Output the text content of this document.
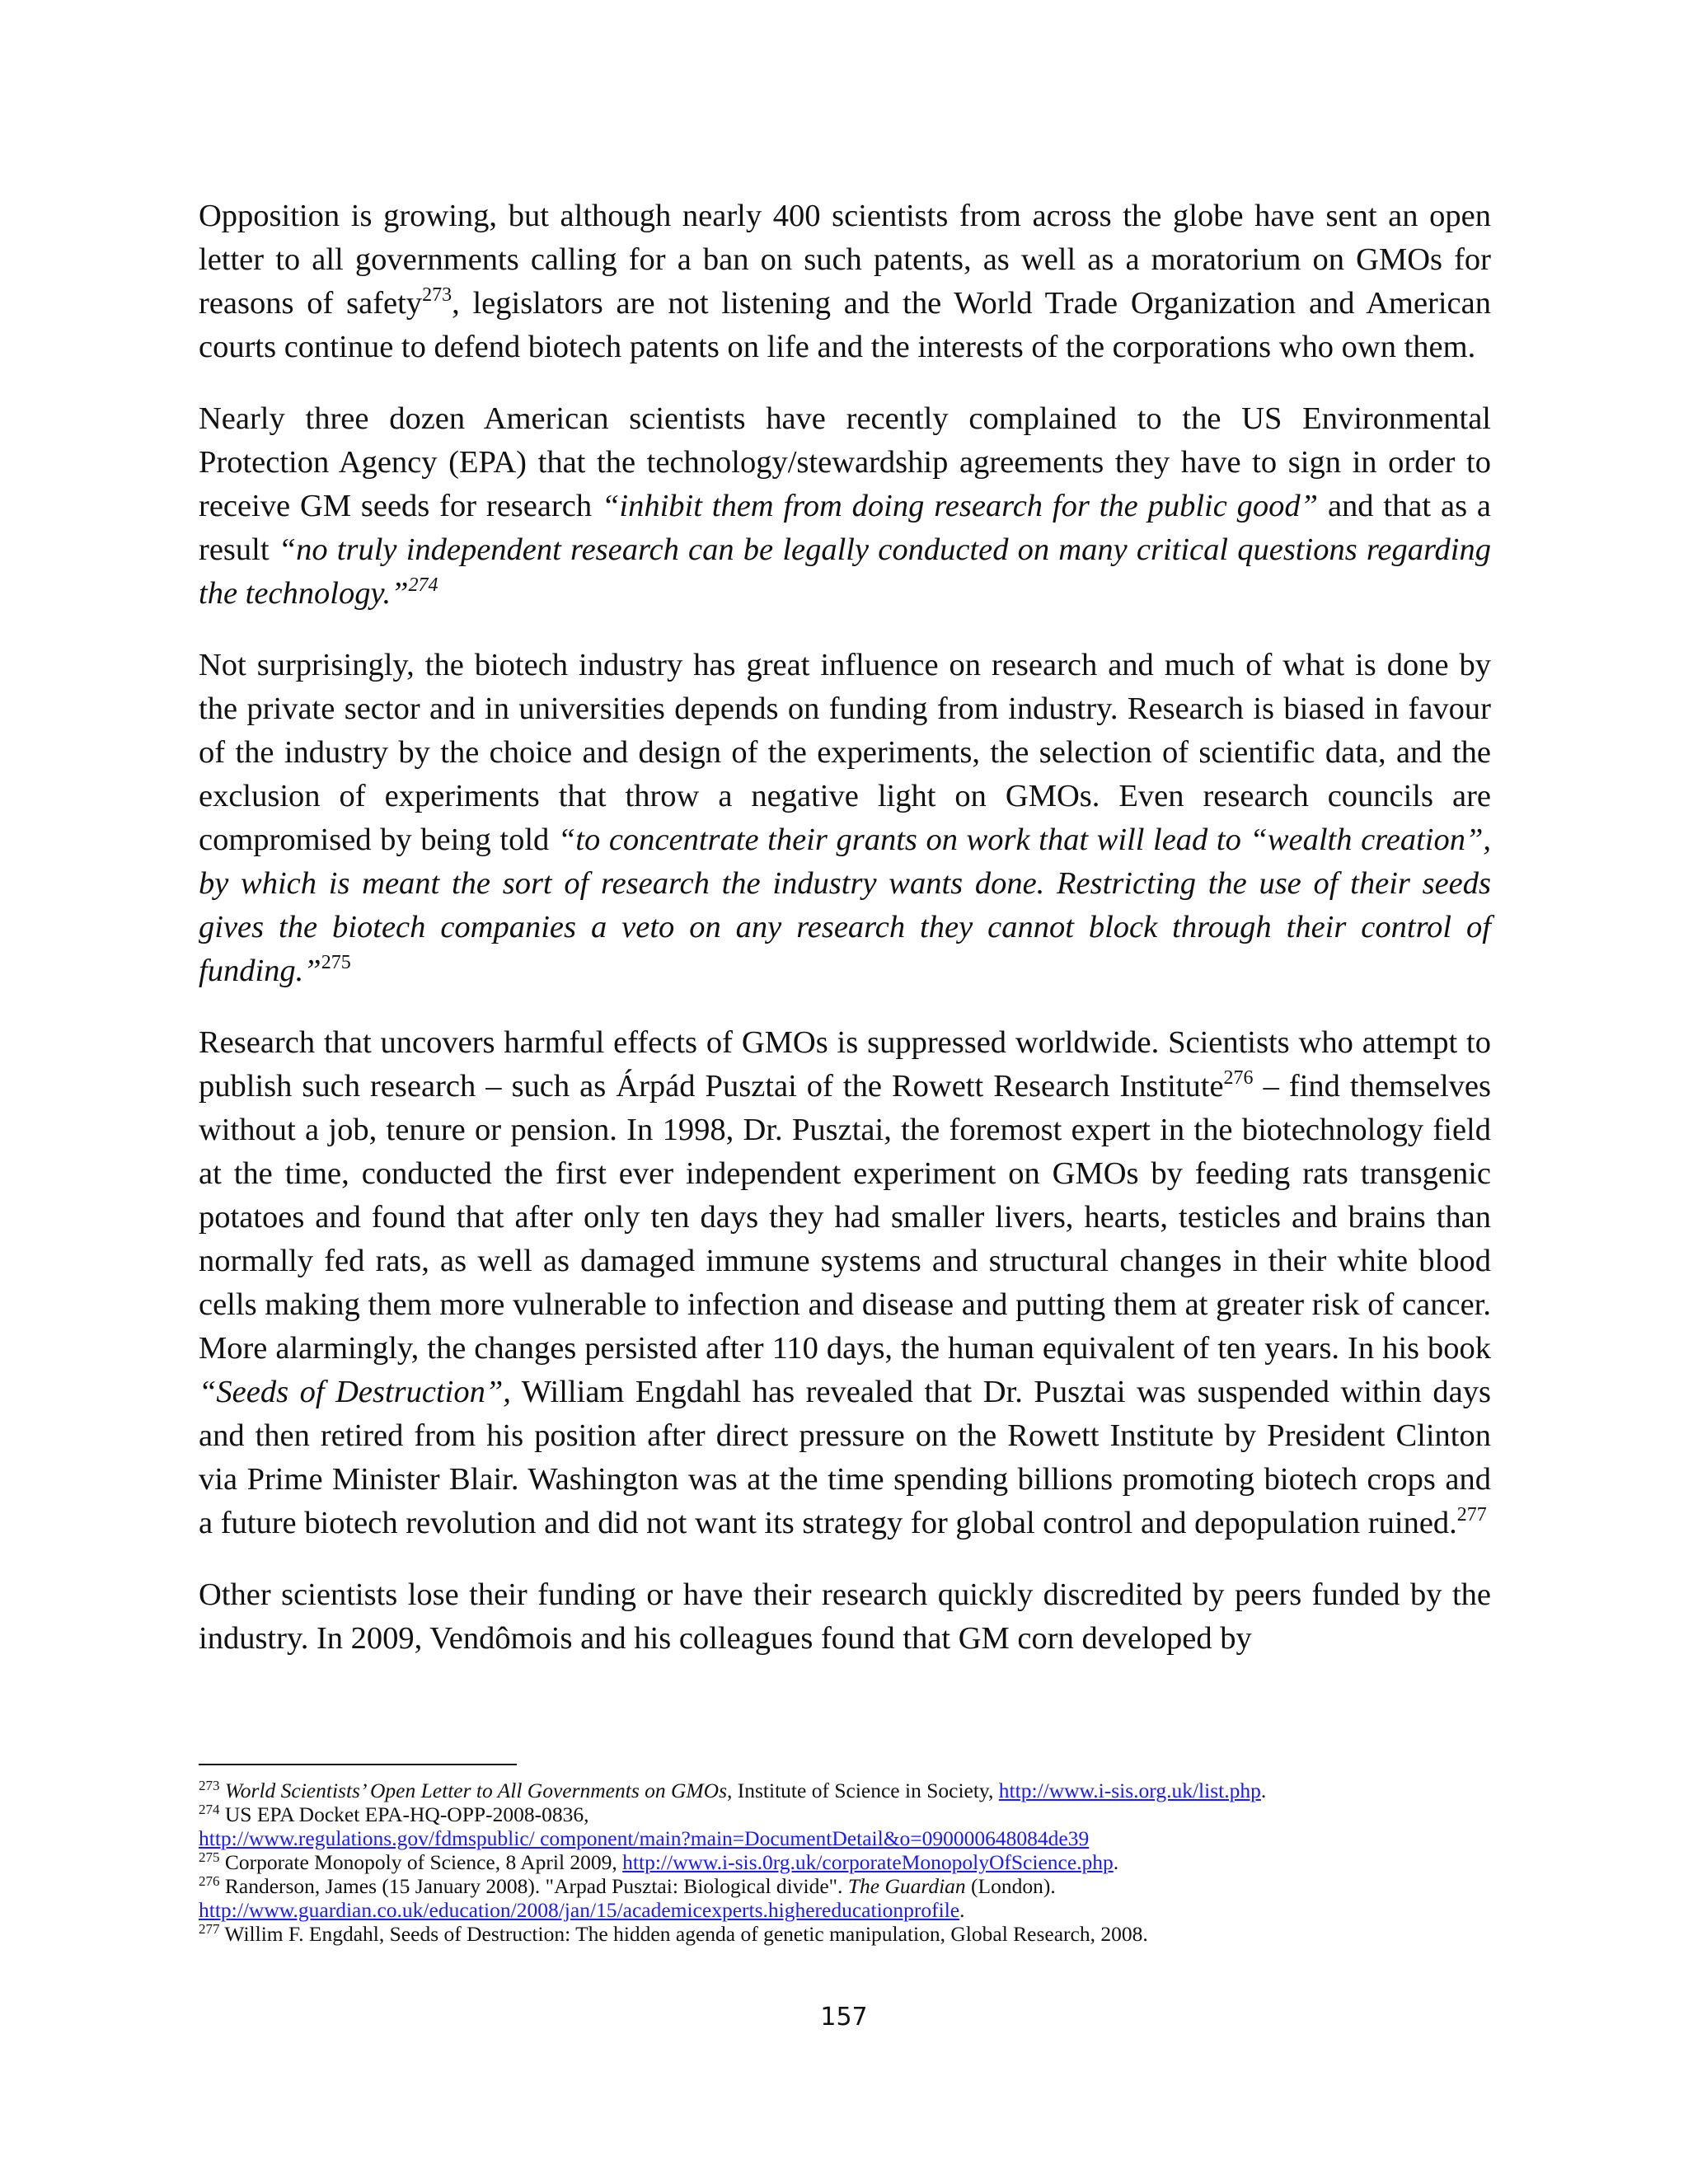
Opposition is growing, but although nearly 400 scientists from across the globe have sent an open letter to all governments calling for a ban on such patents, as well as a moratorium on GMOs for reasons of safety$^{273}$, legislators are not listening and the World Trade Organization and American courts continue to defend biotech patents on life and the interests of the corporations who own them.

Nearly three dozen American scientists have recently complained to the US Environmental Protection Agency (EPA) that the technology/stewardship agreements they have to sign in order to receive GM seeds for research “inhibit them from doing research for the public good” and that as a result “no truly independent research can be legally conducted on many critical questions regarding the technology.”$^{274}$

Not surprisingly, the biotech industry has great influence on research and much of what is done by the private sector and in universities depends on funding from industry. Research is biased in favour of the industry by the choice and design of the experiments, the selection of scientific data, and the exclusion of experiments that throw a negative light on GMOs. Even research councils are compromised by being told “to concentrate their grants on work that will lead to “wealth creation”, by which is meant the sort of research the industry wants done. Restricting the use of their seeds gives the biotech companies a veto on any research they cannot block through their control of funding.”$^{275}$

Research that uncovers harmful effects of GMOs is suppressed worldwide. Scientists who attempt to publish such research – such as Árpád Pusztai of the Rowett Research Institute$^{276}$ – find themselves without a job, tenure or pension. In 1998, Dr. Pusztai, the foremost expert in the biotechnology field at the time, conducted the first ever independent experiment on GMOs by feeding rats transgenic potatoes and found that after only ten days they had smaller livers, hearts, testicles and brains than normally fed rats, as well as damaged immune systems and structural changes in their white blood cells making them more vulnerable to infection and disease and putting them at greater risk of cancer. More alarmingly, the changes persisted after 110 days, the human equivalent of ten years. In his book “Seeds of Destruction”, William Engdahl has revealed that Dr. Pusztai was suspended within days and then retired from his position after direct pressure on the Rowett Institute by President Clinton via Prime Minister Blair. Washington was at the time spending billions promoting biotech crops and a future biotech revolution and did not want its strategy for global control and depopulation ruined.$^{277}$

Other scientists lose their funding or have their research quickly discredited by peers funded by the industry. In 2009, Vendômois and his colleagues found that GM corn developed by

$^{273}$ World Scientists’ Open Letter to All Governments on GMOs, Institute of Science in Society, http://www.i-sis.org.uk/list.php.
$^{274}$ US EPA Docket EPA-HQ-OPP-2008-0836,
http://www.regulations.gov/fdmspublic/ component/main?main=DocumentDetail&o=090000648084de39
$^{275}$ Corporate Monopoly of Science, 8 April 2009, http://www.i-sis.0rg.uk/corporateMonopolyOfScience.php.
$^{276}$ Randerson, James (15 January 2008). "Arpad Pusztai: Biological divide". The Guardian (London).
http://www.guardian.co.uk/education/2008/jan/15/academicexperts.highereducationprofile.
$^{277}$ Willim F. Engdahl, Seeds of Destruction: The hidden agenda of genetic manipulation, Global Research, 2008.
157
